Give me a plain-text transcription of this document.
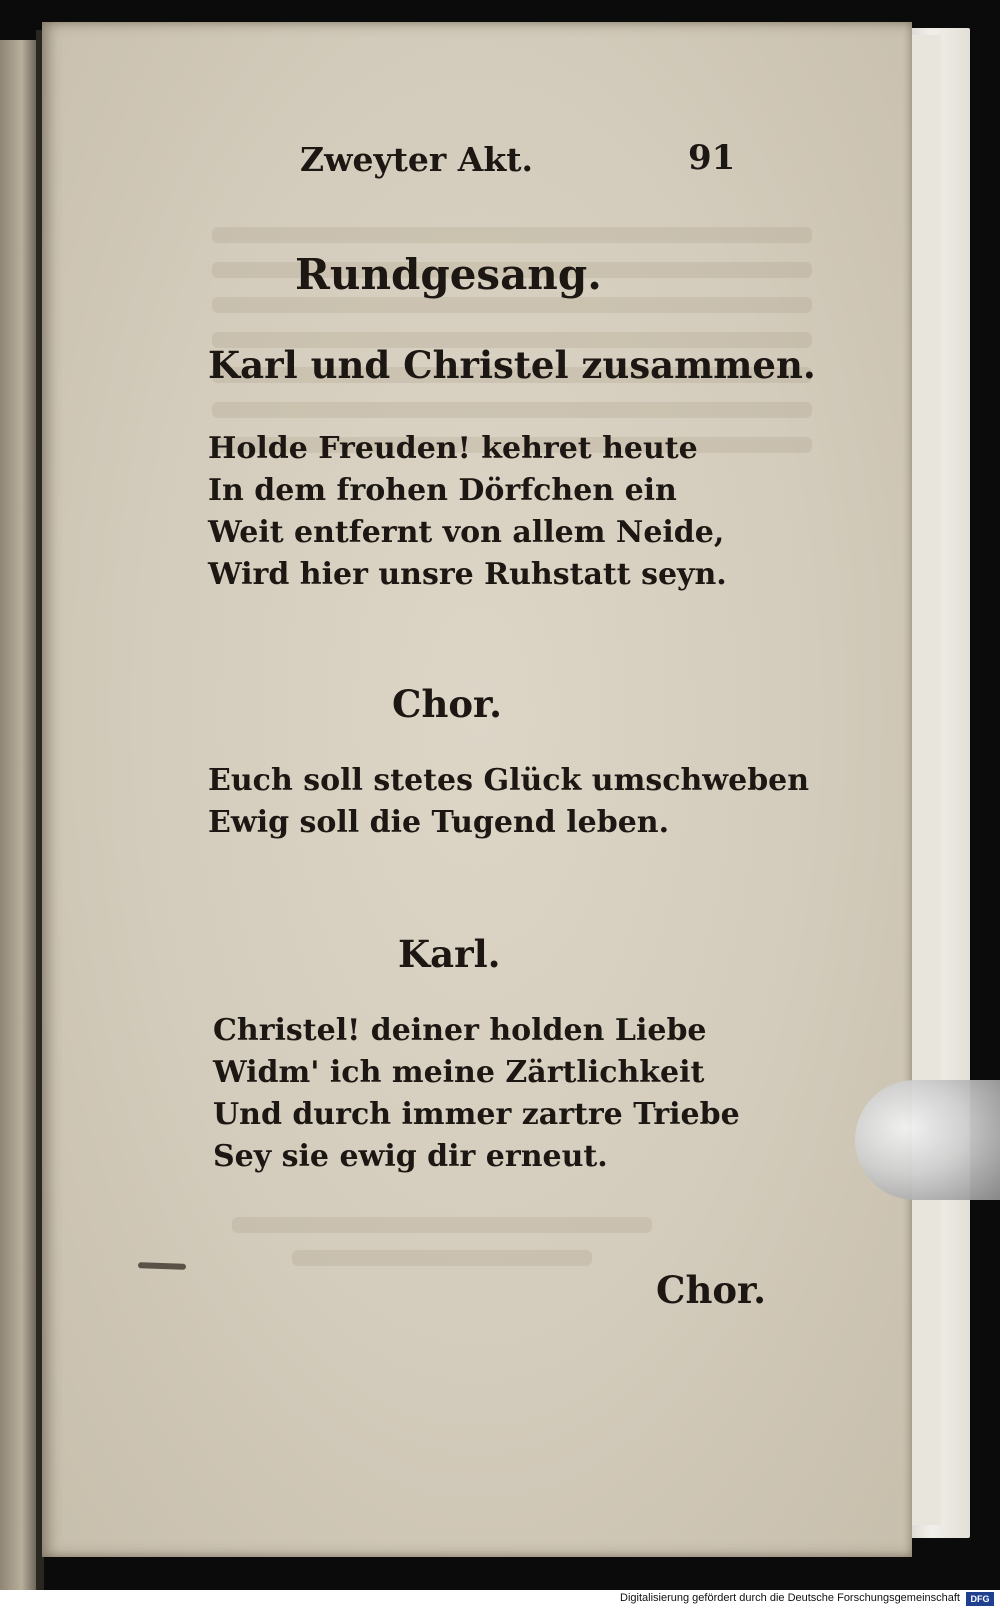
Zweyter Akt.	91
Rundgesang.
Karl und Christel zusammen.
Holde Freuden! kehret heute
In dem frohen Dörfchen ein
Weit entfernt von allem Neide,
Wird hier unsre Ruhstatt seyn.
Chor.
Euch soll stetes Glück umschweben
Ewig soll die Tugend leben.
Karl.
Christel! deiner holden Liebe
Widm' ich meine Zärtlichkeit
Und durch immer zartre Triebe
Sey sie ewig dir erneut.
Chor.
Digitalisierung gefördert durch die Deutsche Forschungsgemeinschaft	DFG
